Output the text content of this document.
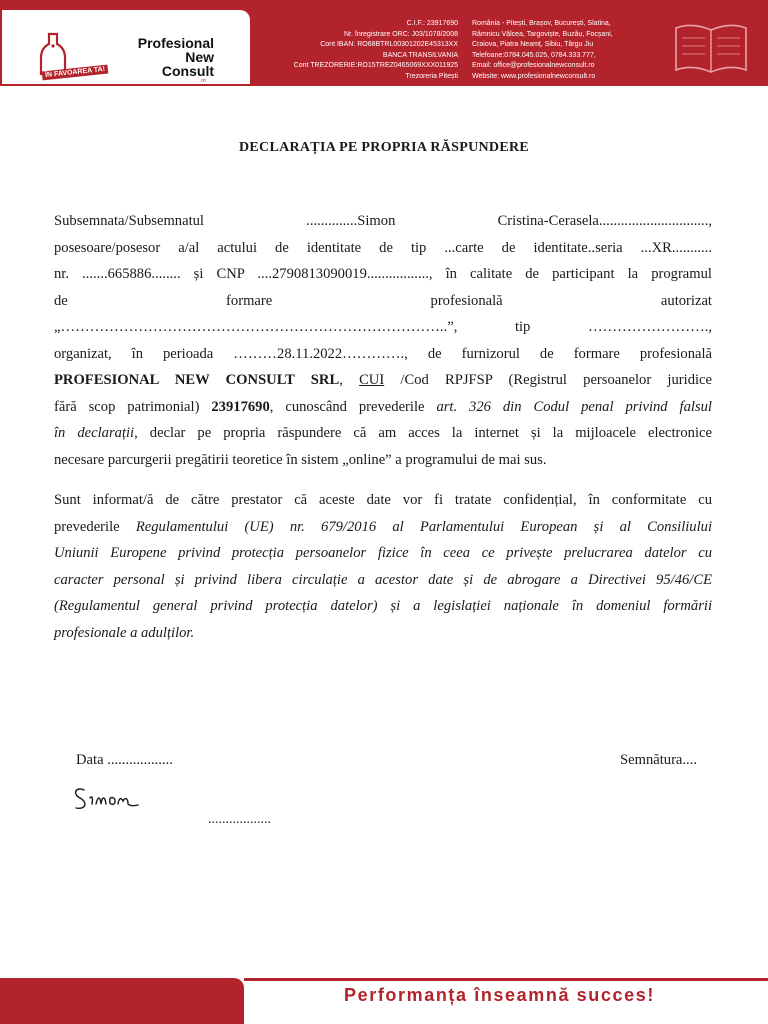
Profesional
New
Consult
ÎN FAVOAREA TA!
.ro
C.I.F.: 23917690
Nr. înregistrare ORC: J03/1078/2008
Cont IBAN: RO68BTRL00301202E45313XX
BANCA TRANSILVANIA
Cont TREZORERIE:RO15TREZ0465069XXX011925
Trezoreria Pitești
România - Pitești, Brașov, București, Slatina,
Râmnicu Vâlcea, Targoviște, Buzău, Focșani,
Craiova, Piatra Neamț, Sibiu, Târgu Jiu
Telefoane:0784.045.025, 0784.333.777,
Email: office@profesionalnewconsult.ro
Website: www.profesionalnewconsult.ro
DECLARAȚIA PE PROPRIA RĂSPUNDERE
Subsemnata/Subsemnatul ..............Simon Cristina-Cerasela..............................,
posesoare/posesor a/al actului de identitate de tip ...carte de identitate..seria ...XR...........
nr. .......665886........ și CNP ....2790813090019................., în calitate de participant la programul
de formare profesională autorizat
„……………………………………………………………………..”, tip …………………….,
organizat, în perioada ………28.11.2022…………., de furnizorul de formare profesională
PROFESIONAL NEW CONSULT SRL, CUI /Cod RPJFSP (Registrul persoanelor juridice
fără scop patrimonial) 23917690, cunoscând prevederile art. 326 din Codul penal privind falsul
în declarații, declar pe propria răspundere că am acces la internet și la mijloacele electronice
necesare parcurgerii pregătirii teoretice în sistem „online” a programului de mai sus.
Sunt informat/ă de către prestator că aceste date vor fi tratate confidențial, în conformitate cu
prevederile Regulamentului (UE) nr. 679/2016 al Parlamentului European și al Consiliului
Uniunii Europene privind protecția persoanelor fizice în ceea ce privește prelucrarea datelor cu
caracter personal și privind libera circulație a acestor date și de abrogare a Directivei 95/46/CE
(Regulamentul general privind protecția datelor) și a legislației naționale în domeniul formării
profesionale a adulților.
Data ..................	Semnătura....
..................
Performanța înseamnă succes!
